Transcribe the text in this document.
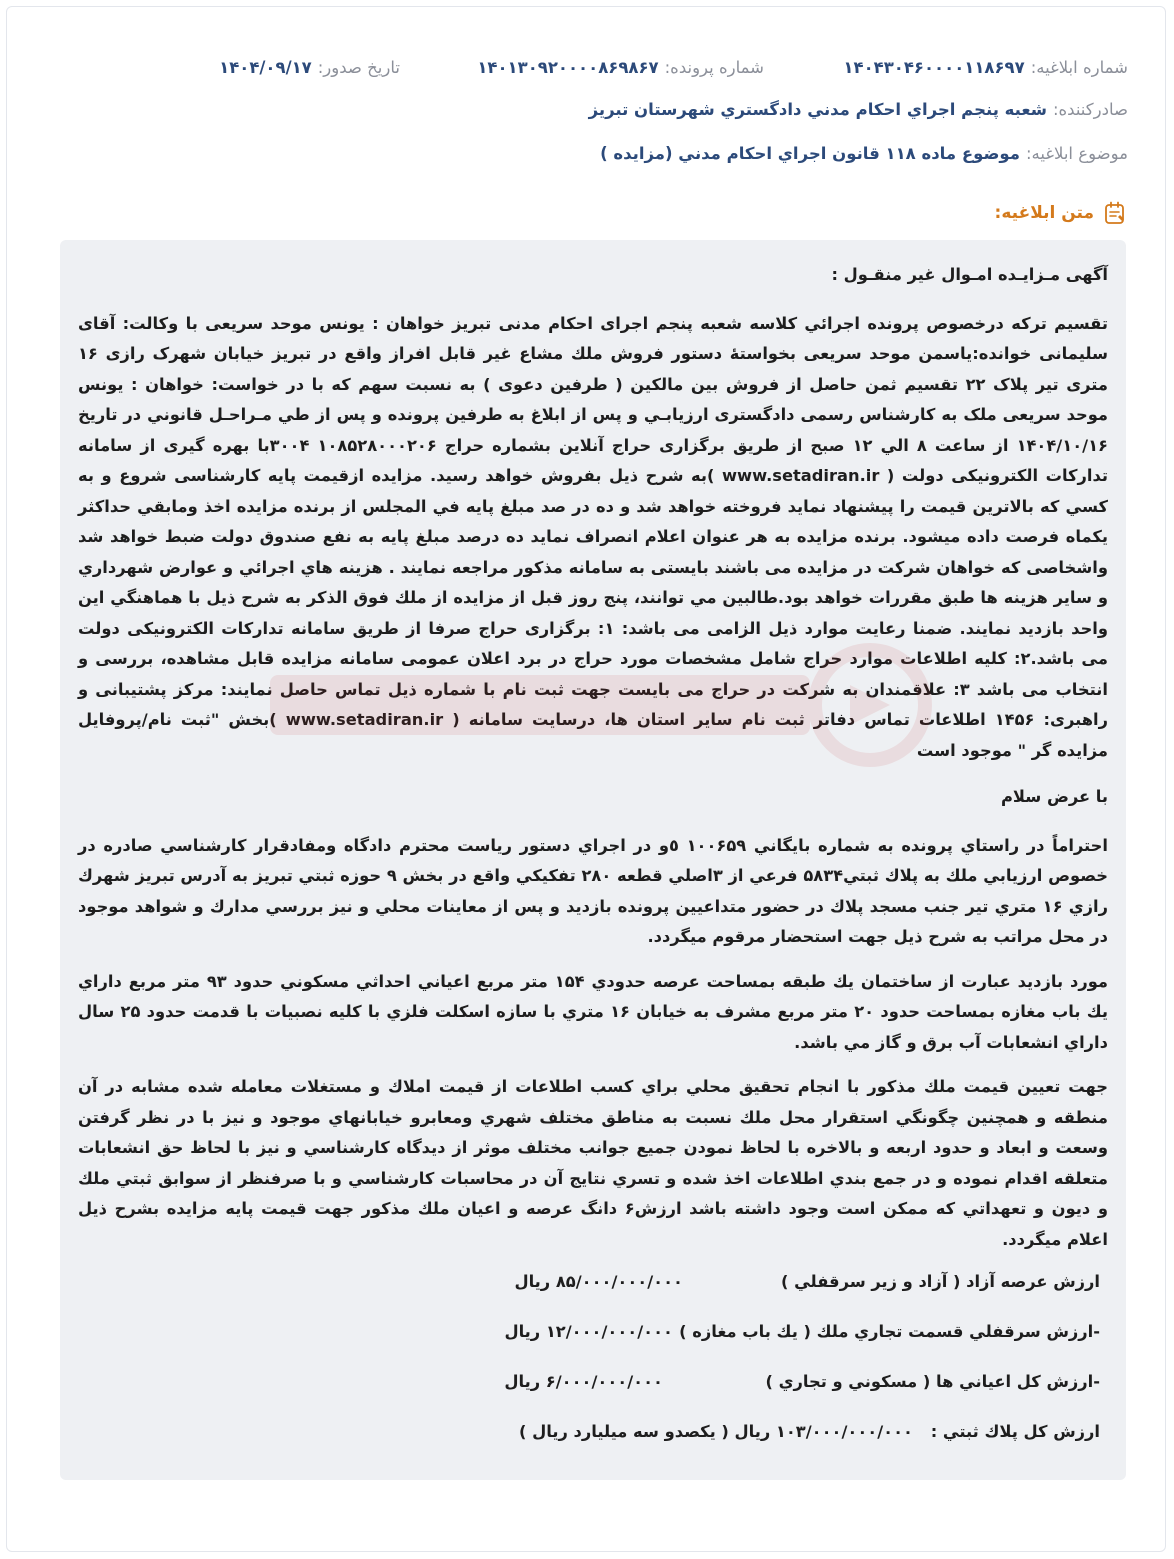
شماره ابلاغیه:
۱۴۰۴۳۰۴۶۰۰۰۰۱۱۸۶۹۷
شماره پرونده:
۱۴۰۱۳۰۹۲۰۰۰۰۸۶۹۸۶۷
تاریخ صدور:
۱۴۰۴/۰۹/۱۷
صادرکننده:
شعبه پنجم اجراي احكام مدني دادگستري شهرستان تبريز
موضوع ابلاغیه:
موضوع ماده ۱۱۸ قانون اجراي احكام مدني (مزايده )
متن ابلاغیه:

آگهی مـزایـده امـوال غیر منقـول :

تقسیم ترکه درخصوص پرونده اجرائي کلاسه شعبه پنجم اجرای احکام مدنی تبریز خواهان : یونس موحد سریعی با وکالت: آقای سلیمانی خوانده:یاسمن موحد سریعی بخواستهٔ دستور فروش ملك مشاع غیر قابل افراز واقع در تبریز خیابان شهرک رازی ۱۶ متری تیر پلاک ۲۲ تقسیم ثمن حاصل از فروش بین مالکین ( طرفین دعوی ) به نسبت سهم که با در خواست: خواهان : یونس موحد سریعی ملک به کارشناس رسمی دادگستری ارزیابـي و پس از ابلاغ به طرفين پرونده و پس از طي مـراحـل قانوني در تاريخ ۱۴۰۴/۱۰/۱۶ از ساعت ۸ الي ۱۲ صبح از طریق برگزاری حراج آنلاین بشماره حراج ۱۰۸۵۲۸۰۰۰۲۰۶ ۳۰۰۴با بهره گیری از سامانه تدارکات الکترونیکی دولت ( www.setadiran.ir )به شرح ذیل بفروش خواهد رسید. مزایده ازقیمت پایه کارشناسی شروع و به کسي که بالاترين قيمت را پيشنهاد نمايد فروخته خواهد شد و ده در صد مبلغ پایه في المجلس از برنده مزایده اخذ ومابقي حداکثر یکماه فرصت داده میشود. برنده مزایده به هر عنوان اعلام انصراف نماید ده درصد مبلغ پایه به نفع صندوق دولت ضبط خواهد شد واشخاصی که خواهان شرکت در مزایده می باشند بایستی به سامانه مذکور مراجعه نمایند . هزينه هاي اجرائي و عوارض شهرداري و ساير هزينه ها طبق مقررات خواهد بود.طالبين مي توانند، پنج روز قبل از مزايده از ملك فوق الذكر به شرح ذيل با هماهنگي اين واحد بازديد نمايند. ضمنا رعایت موارد ذیل الزامی می باشد: ۱: برگزاری حراج صرفا از طریق سامانه تدارکات الکترونیکی دولت می باشد.۲: کلیه اطلاعات موارد حراج شامل مشخصات مورد حراج در برد اعلان عمومی سامانه مزایده قابل مشاهده، بررسی و انتخاب می باشد ۳: علاقمندان به شرکت در حراج می بایست جهت ثبت نام با شماره ذیل تماس حاصل نمایند: مرکز پشتیبانی و راهبری: ۱۴۵۶ اطلاعات تماس دفاتر ثبت نام سایر استان ها، درسایت سامانه ( www.setadiran.ir )بخش "ثبت نام/پروفایل مزایده گر " موجود است

با عرض سلام

احتراماً در راستاي پرونده به شماره بايگاني ۱۰۰۶۵۹ ٥و در اجراي دستور رياست محترم دادگاه ومفادقرار كارشناسي صادره در خصوص ارزيابي ملك به پلاك ثبتي۵۸۳۴ فرعي از ۳اصلي قطعه ۲۸۰ تفكيكي واقع در بخش ۹ حوزه ثبتي تبريز به آدرس تبريز شهرك رازي ۱۶ متري تير جنب مسجد پلاك در حضور متداعيين پرونده بازديد و پس از معاينات محلي و نيز بررسي مدارك و شواهد موجود در محل مراتب به شرح ذيل جهت استحضار مرقوم ميگردد.

مورد بازديد عبارت از ساختمان يك طبقه بمساحت عرصه حدودي ۱۵۴ متر مربع اعياني احداثي مسكوني حدود ۹۳ متر مربع داراي يك باب مغازه بمساحت حدود ۲۰ متر مربع مشرف به خيابان ۱۶ متري با سازه اسكلت فلزي با كليه نصبيات با قدمت حدود ۲۵ سال داراي انشعابات آب برق و گاز مي باشد.

جهت تعيين قيمت ملك مذكور با انجام تحقيق محلي براي كسب اطلاعات از قيمت املاك و مستغلات معامله شده مشابه در آن منطقه و همچنين چگونگي استقرار محل ملك نسبت به مناطق مختلف شهري ومعابرو خيابانهاي موجود و نيز با در نظر گرفتن وسعت و ابعاد و حدود اربعه و بالاخره با لحاظ نمودن جميع جوانب مختلف موثر از ديدگاه كارشناسي و نيز با لحاظ حق انشعابات متعلقه اقدام نموده و در جمع بندي اطلاعات اخذ شده و تسري نتايج آن در محاسبات كارشناسي و با صرفنظر از سوابق ثبتي ملك و ديون و تعهداتي كه ممكن است وجود داشته باشد ارزش۶ دانگ عرصه و اعيان ملك مذكور جهت قيمت پايه مزايده بشرح ذيل اعلام ميگردد.

ارزش عرصه آزاد ( آزاد و زير سرقفلي )
۸۵/۰۰۰/۰۰۰/۰۰۰ ريال
-ارزش سرقفلي قسمت تجاري ملك ( يك باب مغازه )
۱۲/۰۰۰/۰۰۰/۰۰۰ ريال
-ارزش كل اعياني ها ( مسكوني و تجاري )
۶/۰۰۰/۰۰۰/۰۰۰ ريال
ارزش كل پلاك ثبتي :
۱۰۳/۰۰۰/۰۰۰/۰۰۰ ريال ( يكصدو سه ميليارد ريال )
